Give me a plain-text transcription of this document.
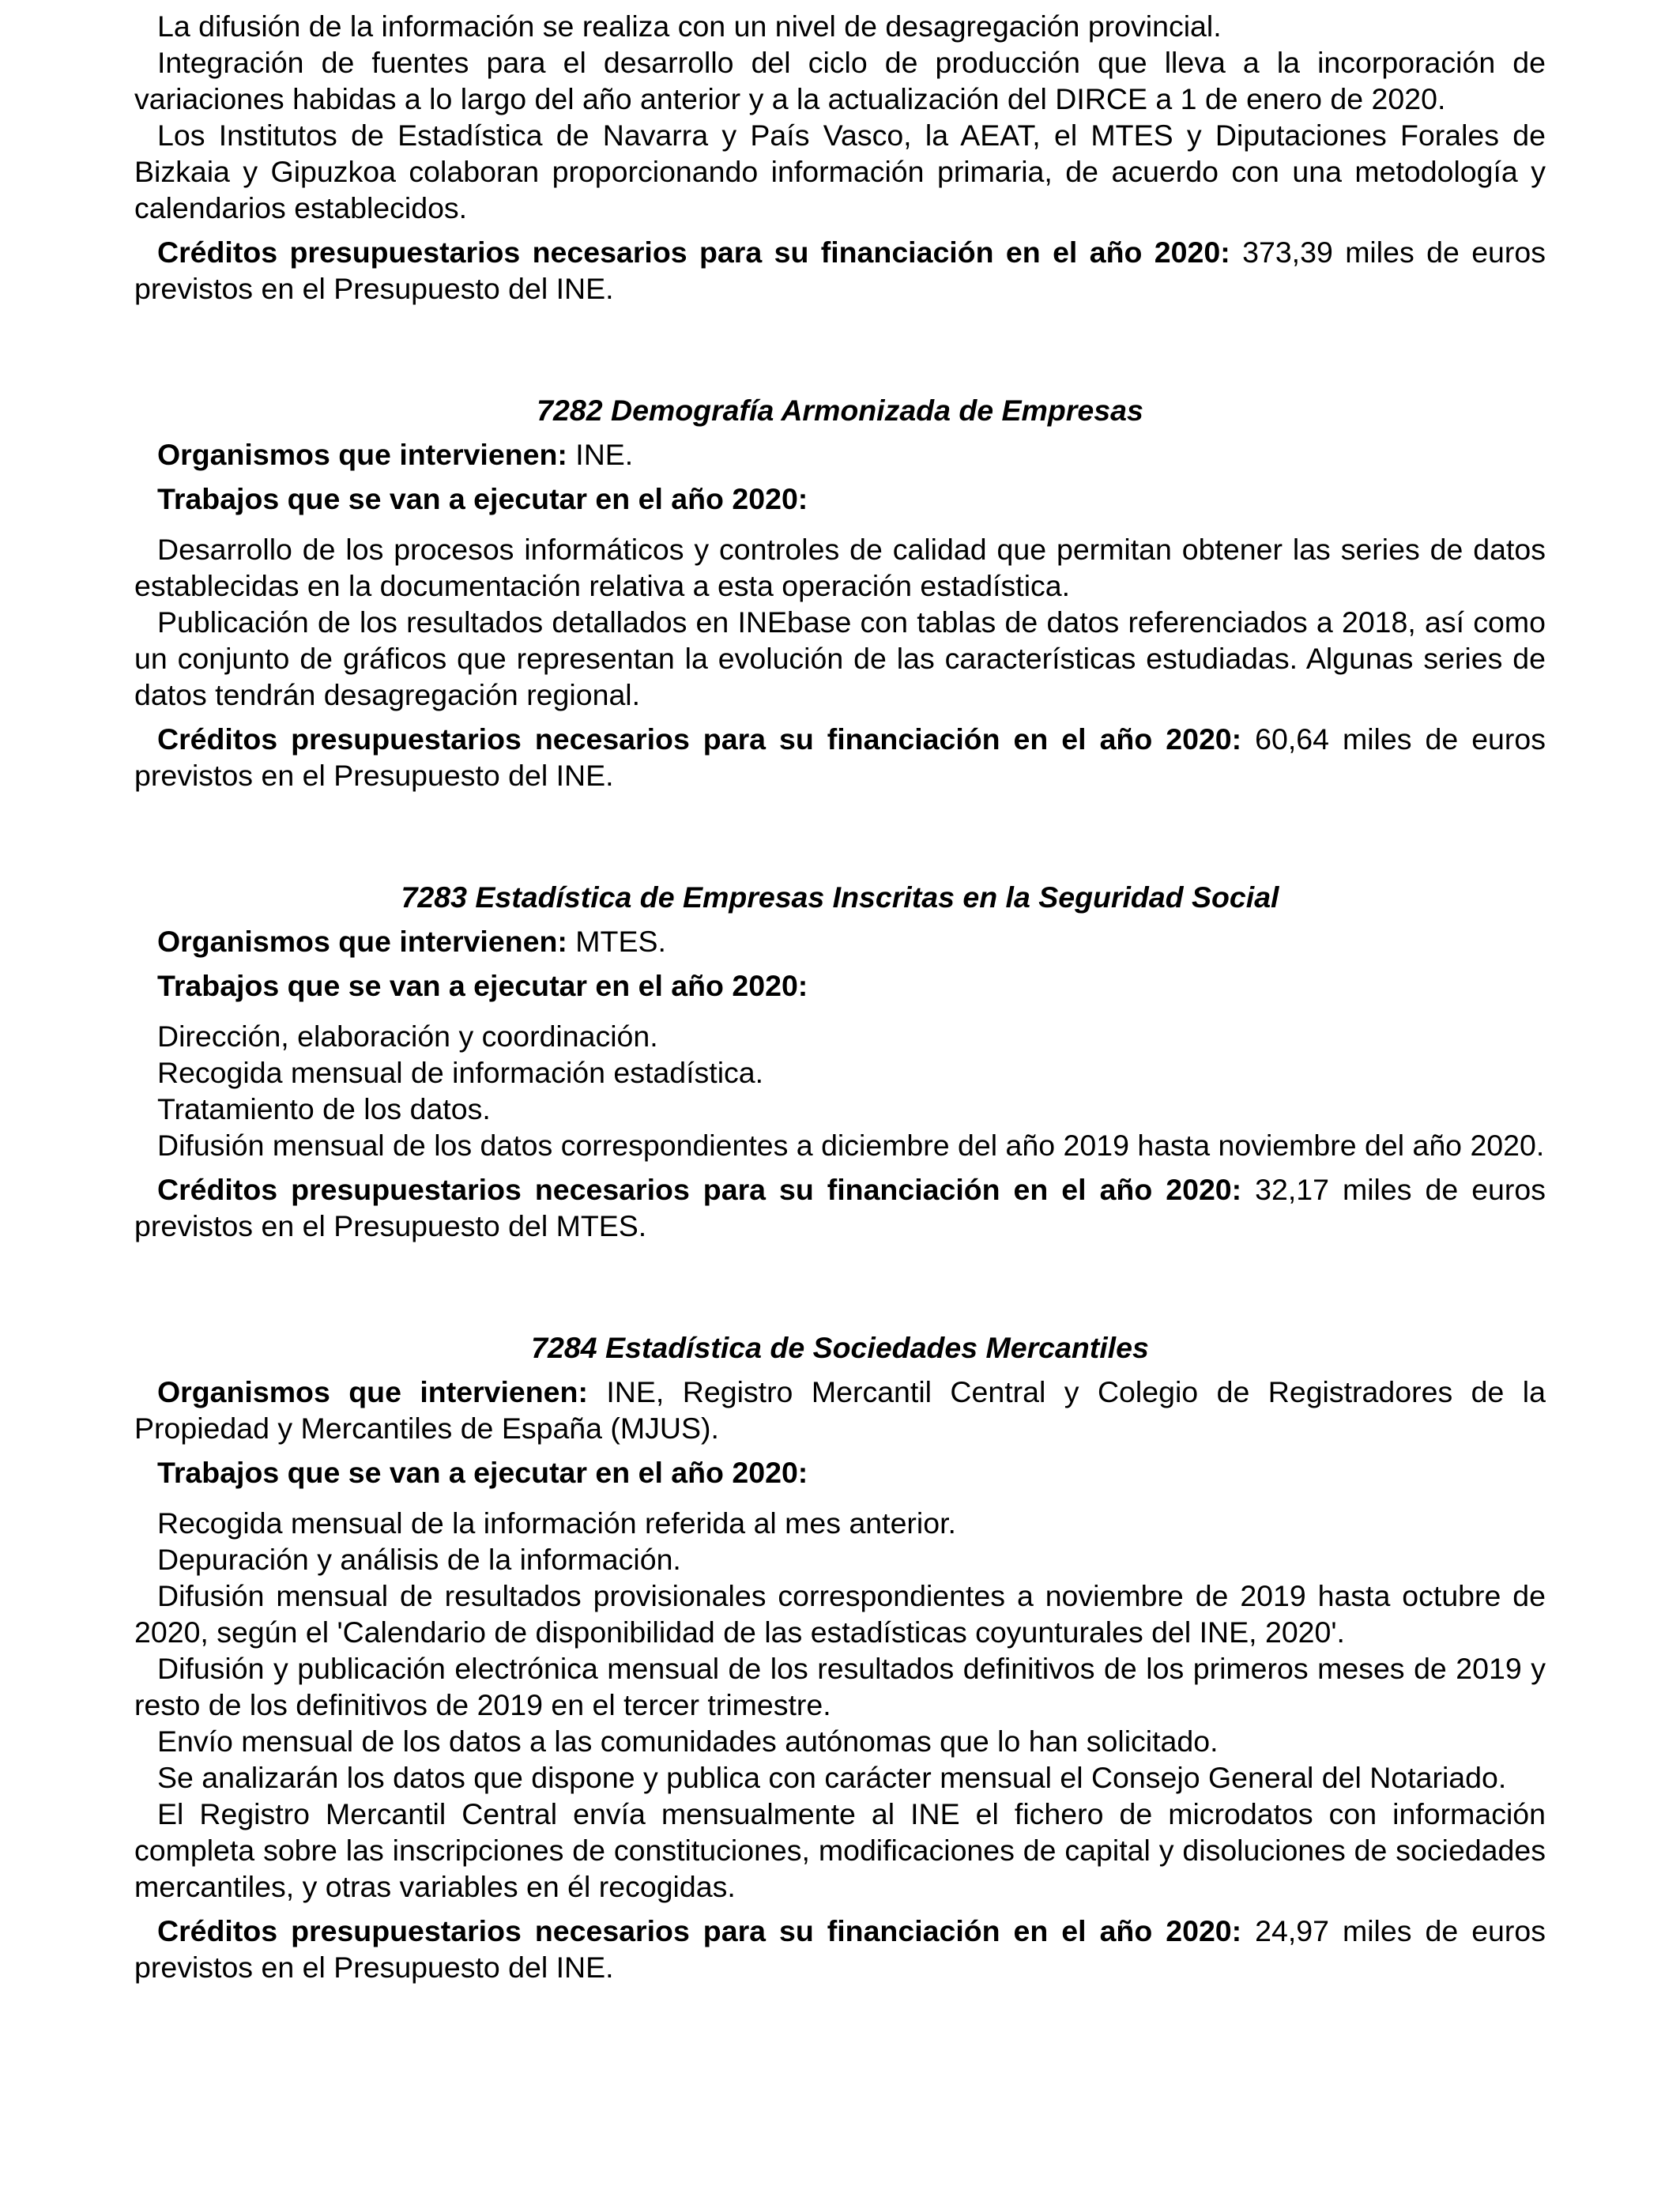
La difusión de la información se realiza con un nivel de desagregación provincial.

Integración de fuentes para el desarrollo del ciclo de producción que lleva a la incorporación de variaciones habidas a lo largo del año anterior y a la actualización del DIRCE a 1 de enero de 2020.

Los Institutos de Estadística de Navarra y País Vasco, la AEAT, el MTES y Diputaciones Forales de Bizkaia y Gipuzkoa colaboran proporcionando información primaria, de acuerdo con una metodología y calendarios establecidos.

Créditos presupuestarios necesarios para su financiación en el año 2020: 373,39 miles de euros previstos en el Presupuesto del INE.

7282 Demografía Armonizada de Empresas

Organismos que intervienen: INE.

Trabajos que se van a ejecutar en el año 2020:

Desarrollo de los procesos informáticos y controles de calidad que permitan obtener las series de datos establecidas en la documentación relativa a esta operación estadística.

Publicación de los resultados detallados en INEbase con tablas de datos referenciados a 2018, así como un conjunto de gráficos que representan la evolución de las características estudiadas. Algunas series de datos tendrán desagregación regional.

Créditos presupuestarios necesarios para su financiación en el año 2020: 60,64 miles de euros previstos en el Presupuesto del INE.

7283 Estadística de Empresas Inscritas en la Seguridad Social

Organismos que intervienen: MTES.

Trabajos que se van a ejecutar en el año 2020:

Dirección, elaboración y coordinación.

Recogida mensual de información estadística.

Tratamiento de los datos.

Difusión mensual de los datos correspondientes a diciembre del año 2019 hasta noviembre del año 2020.

Créditos presupuestarios necesarios para su financiación en el año 2020: 32,17 miles de euros previstos en el Presupuesto del MTES.

7284 Estadística de Sociedades Mercantiles

Organismos que intervienen: INE, Registro Mercantil Central y Colegio de Registradores de la Propiedad y Mercantiles de España (MJUS).

Trabajos que se van a ejecutar en el año 2020:

Recogida mensual de la información referida al mes anterior.

Depuración y análisis de la información.

Difusión mensual de resultados provisionales correspondientes a noviembre de 2019 hasta octubre de 2020, según el 'Calendario de disponibilidad de las estadísticas coyunturales del INE, 2020'.

Difusión y publicación electrónica mensual de los resultados definitivos de los primeros meses de 2019 y resto de los definitivos de 2019 en el tercer trimestre.

Envío mensual de los datos a las comunidades autónomas que lo han solicitado.

Se analizarán los datos que dispone y publica con carácter mensual el Consejo General del Notariado.

El Registro Mercantil Central envía mensualmente al INE el fichero de microdatos con información completa sobre las inscripciones de constituciones, modificaciones de capital y disoluciones de sociedades mercantiles, y otras variables en él recogidas.

Créditos presupuestarios necesarios para su financiación en el año 2020: 24,97 miles de euros previstos en el Presupuesto del INE.
